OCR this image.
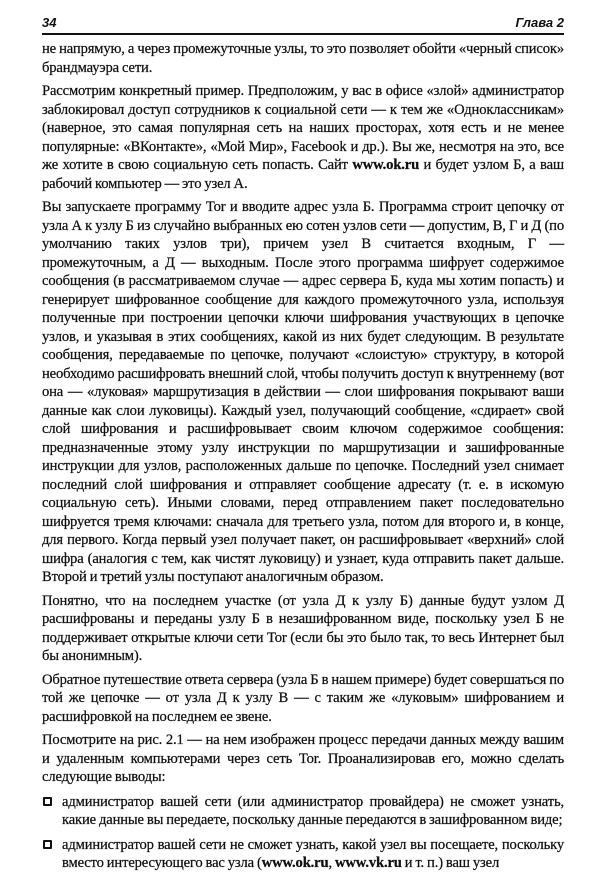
34	Глава 2

не напрямую, а через промежуточные узлы, то это позволяет обойти «черный список» брандмауэра сети.

Рассмотрим конкретный пример. Предположим, у вас в офисе «злой» администратор заблокировал доступ сотрудников к социальной сети — к тем же «Одноклассникам» (наверное, это самая популярная сеть на наших просторах, хотя есть и не менее популярные: «ВКонтакте», «Мой Мир», Facebook и др.). Вы же, несмотря на это, все же хотите в свою социальную сеть попасть. Сайт www.ok.ru и будет узлом Б, а ваш рабочий компьютер — это узел А.

Вы запускаете программу Tor и вводите адрес узла Б. Программа строит цепочку от узла А к узлу Б из случайно выбранных ею сотен узлов сети — допустим, В, Г и Д (по умолчанию таких узлов три), причем узел В считается входным, Г — промежуточным, а Д — выходным. После этого программа шифрует содержимое сообщения (в рассматриваемом случае — адрес сервера Б, куда мы хотим попасть) и генерирует шифрованное сообщение для каждого промежуточного узла, используя полученные при построении цепочки ключи шифрования участвующих в цепочке узлов, и указывая в этих сообщениях, какой из них будет следующим. В результате сообщения, передаваемые по цепочке, получают «слоистую» структуру, в которой необходимо расшифровать внешний слой, чтобы получить доступ к внутреннему (вот она — «луковая» маршрутизация в действии — слои шифрования покрывают ваши данные как слои луковицы). Каждый узел, получающий сообщение, «сдирает» свой слой шифрования и расшифровывает своим ключом содержимое сообщения: предназначенные этому узлу инструкции по маршрутизации и зашифрованные инструкции для узлов, расположенных дальше по цепочке. Последний узел снимает последний слой шифрования и отправляет сообщение адресату (т. е. в искомую социальную сеть). Иными словами, перед отправлением пакет последовательно шифруется тремя ключами: сначала для третьего узла, потом для второго и, в конце, для первого. Когда первый узел получает пакет, он расшифровывает «верхний» слой шифра (аналогия с тем, как чистят луковицу) и узнает, куда отправить пакет дальше. Второй и третий узлы поступают аналогичным образом.

Понятно, что на последнем участке (от узла Д к узлу Б) данные будут узлом Д расшифрованы и переданы узлу Б в незашифрованном виде, поскольку узел Б не поддерживает открытые ключи сети Tor (если бы это было так, то весь Интернет был бы анонимным).

Обратное путешествие ответа сервера (узла Б в нашем примере) будет совершаться по той же цепочке — от узла Д к узлу В — с таким же «луковым» шифрованием и расшифровкой на последнем ее звене.

Посмотрите на рис. 2.1 — на нем изображен процесс передачи данных между вашим и удаленным компьютерами через сеть Tor. Проанализировав его, можно сделать следующие выводы:

администратор вашей сети (или администратор провайдера) не сможет узнать, какие данные вы передаете, поскольку данные передаются в зашифрованном виде;

администратор вашей сети не сможет узнать, какой узел вы посещаете, поскольку вместо интересующего вас узла (www.ok.ru, www.vk.ru и т. п.) ваш узел
